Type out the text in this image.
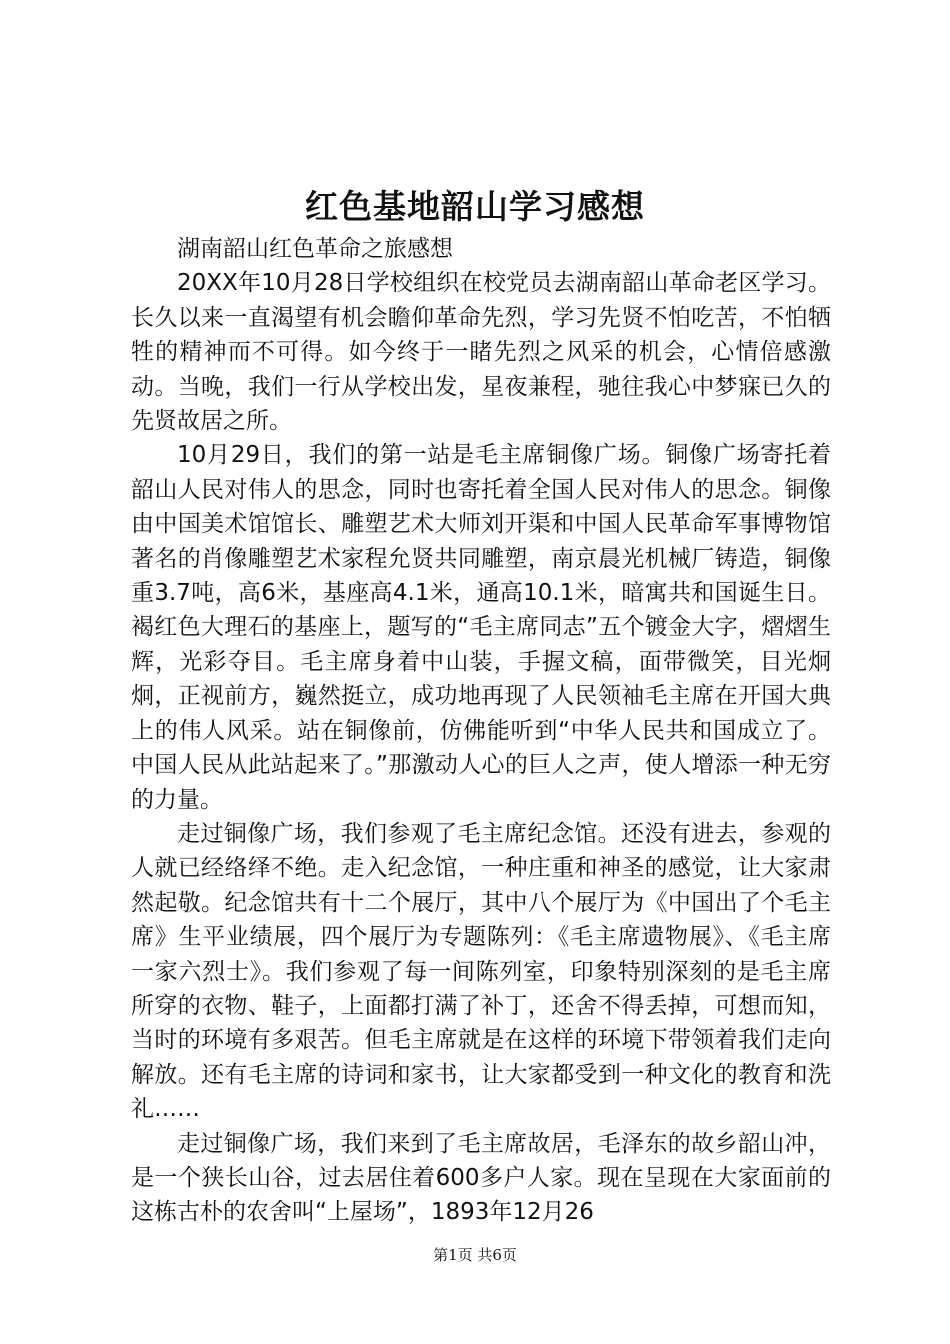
红色基地韶山学习感想

湖南韶山红色革命之旅感想

20XX年10月28日学校组织在校党员去湖南韶山革命老区学习。长久以来一直渴望有机会瞻仰革命先烈，学习先贤不怕吃苦，不怕牺牲的精神而不可得。如今终于一睹先烈之风采的机会，心情倍感激动。当晚，我们一行从学校出发，星夜兼程，驰往我心中梦寐已久的先贤故居之所。

10月29日，我们的第一站是毛主席铜像广场。铜像广场寄托着韶山人民对伟人的思念，同时也寄托着全国人民对伟人的思念。铜像由中国美术馆馆长、雕塑艺术大师刘开渠和中国人民革命军事博物馆著名的肖像雕塑艺术家程允贤共同雕塑，南京晨光机械厂铸造，铜像重3.7吨，高6米，基座高4.1米，通高10.1米，暗寓共和国诞生日。褐红色大理石的基座上，题写的“毛主席同志”五个镀金大字，熠熠生辉，光彩夺目。毛主席身着中山装，手握文稿，面带微笑，目光炯炯，正视前方，巍然挺立，成功地再现了人民领袖毛主席在开国大典上的伟人风采。站在铜像前，仿佛能听到“中华人民共和国成立了。中国人民从此站起来了。”那激动人心的巨人之声，使人增添一种无穷的力量。

走过铜像广场，我们参观了毛主席纪念馆。还没有进去，参观的人就已经络绎不绝。走入纪念馆，一种庄重和神圣的感觉，让大家肃然起敬。纪念馆共有十二个展厅，其中八个展厅为《中国出了个毛主席》生平业绩展，四个展厅为专题陈列：《毛主席遗物展》、《毛主席一家六烈士》。我们参观了每一间陈列室，印象特别深刻的是毛主席所穿的衣物、鞋子，上面都打满了补丁，还舍不得丢掉，可想而知，当时的环境有多艰苦。但毛主席就是在这样的环境下带领着我们走向解放。还有毛主席的诗词和家书，让大家都受到一种文化的教育和洗礼……

走过铜像广场，我们来到了毛主席故居，毛泽东的故乡韶山冲，是一个狭长山谷，过去居住着600多户人家。现在呈现在大家面前的这栋古朴的农舍叫“上屋场”，1893年12月26

第1页 共6页
